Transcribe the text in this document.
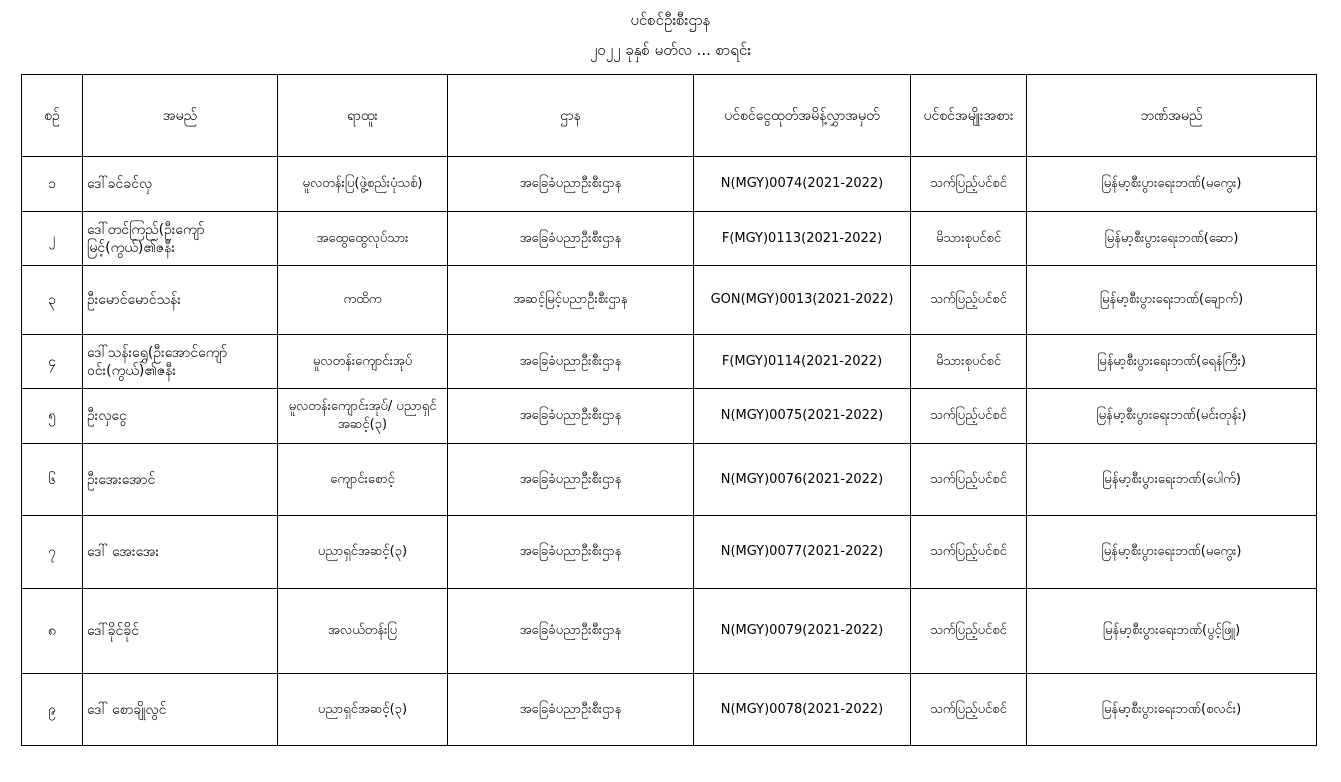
ပင်စင်ဦးစီးဌာန
၂၀၂၂ ခုနှစ် မတ်လ ... စာရင်း
စဉ်	အမည်	ရာထူး	ဌာန	ပင်စင်ငွေထုတ်အမိန့်လွှာအမှတ်	ပင်စင်အမျိုးအစား	ဘဏ်အမည်
၁	ဒေါ်ခင်ခင်လှ	မူလတန်းပြ(ဖွဲ့စည်းပုံသစ်)	အခြေခံပညာဦးစီးဌာန	N(MGY)0074(2021-2022)	သက်ပြည့်ပင်စင်	မြန်မာ့စီးပွားရေးဘဏ်(မကွေး)
၂	ဒေါ်တင်ကြည်(ဦးကျော်မြင့်(ကွယ်)၏ဇနီး	အထွေထွေလုပ်သား	အခြေခံပညာဦးစီးဌာန	F(MGY)0113(2021-2022)	မိသားစုပင်စင်	မြန်မာ့စီးပွားရေးဘဏ်(ဆော)
၃	ဦးမောင်မောင်သန်း	ကထိက	အဆင့်မြင့်ပညာဦးစီးဌာန	GON(MGY)0013(2021-2022)	သက်ပြည့်ပင်စင်	မြန်မာ့စီးပွားရေးဘဏ်(ချောက်)
၄	ဒေါ်သန်းရွှေ(ဦးအောင်ကျော်ဝင်း(ကွယ်)၏ဇနီး	မူလတန်းကျောင်းအုပ်	အခြေခံပညာဦးစီးဌာန	F(MGY)0114(2021-2022)	မိသားစုပင်စင်	မြန်မာ့စီးပွားရေးဘဏ်(ရေနံကြီး)
၅	ဦးလှငွေ	မူလတန်းကျောင်းအုပ်/ ပညာရှင်အဆင့်(၃)	အခြေခံပညာဦးစီးဌာန	N(MGY)0075(2021-2022)	သက်ပြည့်ပင်စင်	မြန်မာ့စီးပွားရေးဘဏ်(မင်းတုန်း)
၆	ဦးအေးအောင်	ကျောင်းစောင့်	အခြေခံပညာဦးစီးဌာန	N(MGY)0076(2021-2022)	သက်ပြည့်ပင်စင်	မြန်မာ့စီးပွားရေးဘဏ်(ပေါက်)
၇	ဒေါ် အေးအေး	ပညာရှင်အဆင့်(၃)	အခြေခံပညာဦးစီးဌာန	N(MGY)0077(2021-2022)	သက်ပြည့်ပင်စင်	မြန်မာ့စီးပွားရေးဘဏ်(မကွေး)
၈	ဒေါ်ခိုင်ခိုင်	အလယ်တန်းပြ	အခြေခံပညာဦးစီးဌာန	N(MGY)0079(2021-2022)	သက်ပြည့်ပင်စင်	မြန်မာ့စီးပွားရေးဘဏ်(ပွင့်ဖြူ)
၉	ဒေါ် စောချိုလွင်	ပညာရှင်အဆင့်(၃)	အခြေခံပညာဦးစီးဌာန	N(MGY)0078(2021-2022)	သက်ပြည့်ပင်စင်	မြန်မာ့စီးပွားရေးဘဏ်(စလင်း)
